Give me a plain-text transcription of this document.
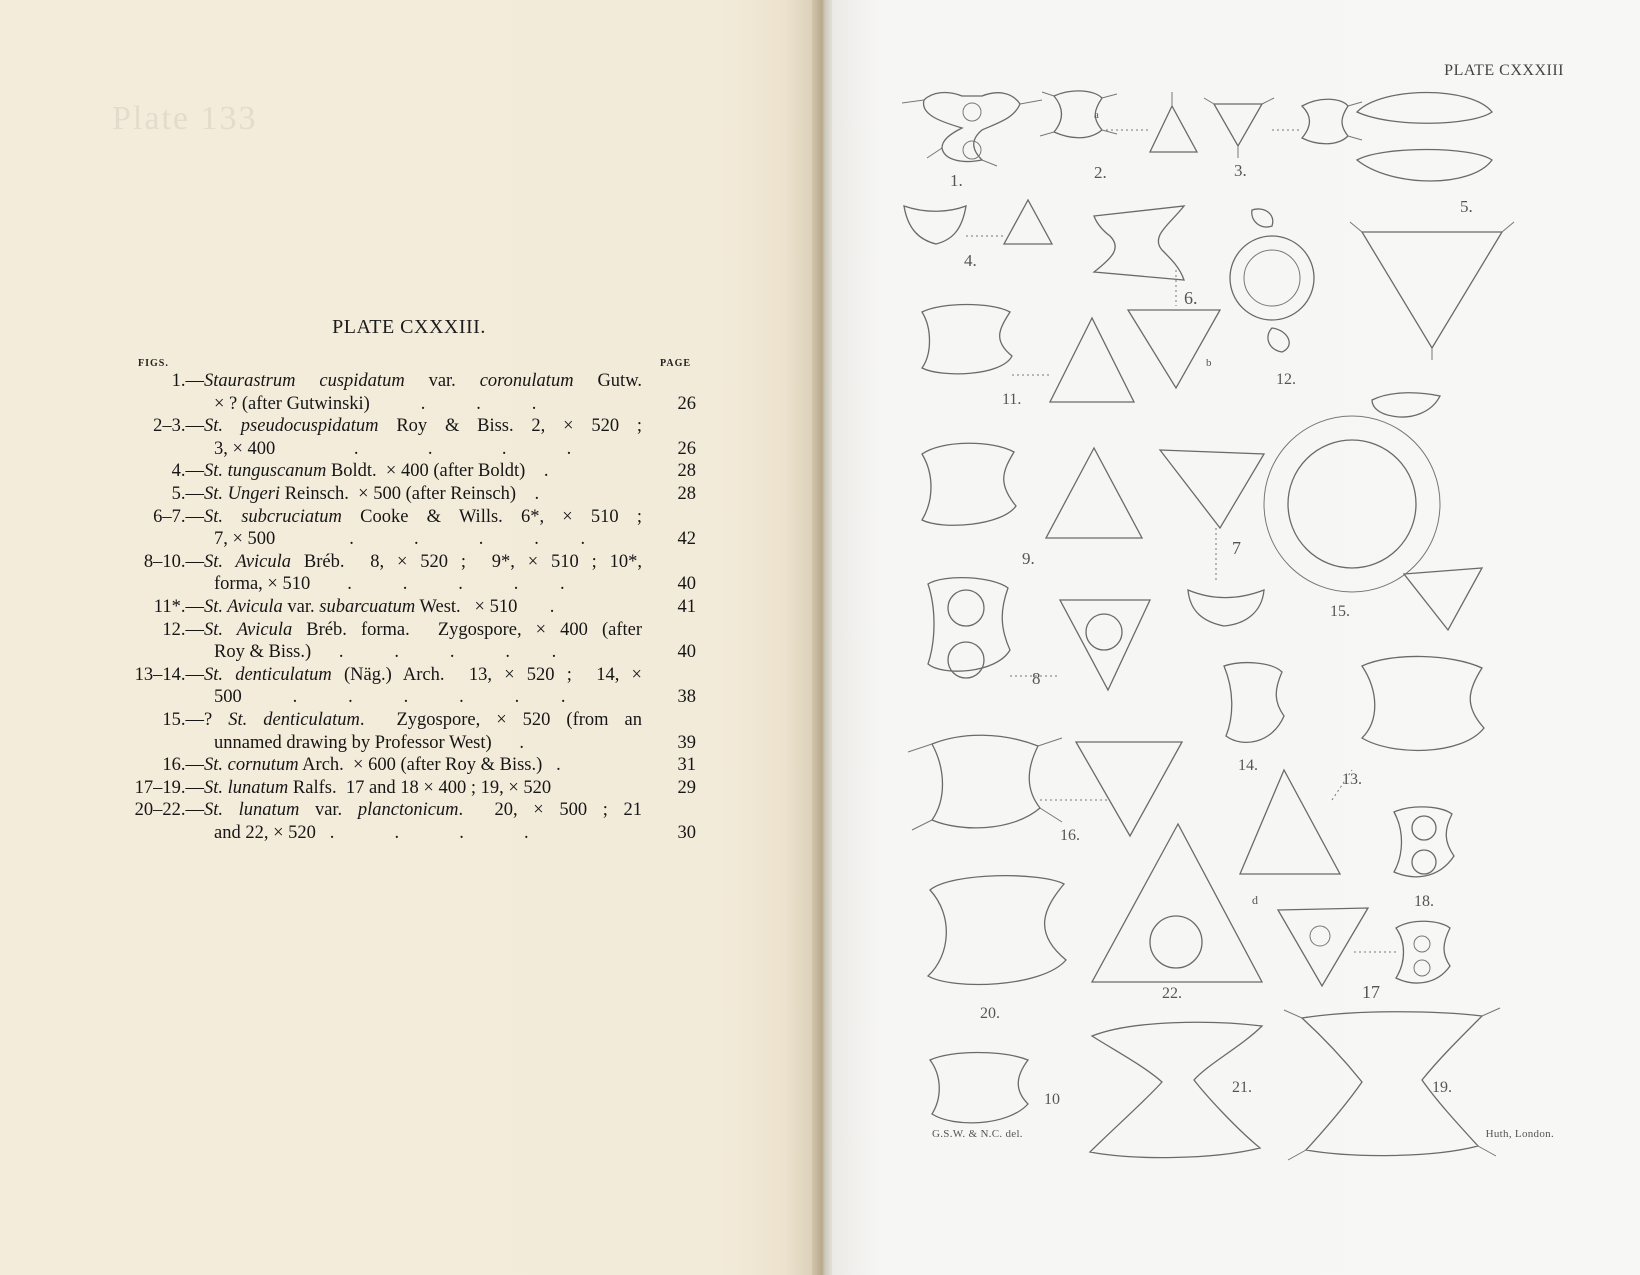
Plate 133
PLATE CXXXIII.
FIGS.	PAGE
1.— Staurastrum cuspidatum var. coronulatum Gutw.
× ? (after Gutwinski)           .           .           .	26
2–3.— St. pseudocuspidatum Roy & Biss. 2, × 520 ;
3, × 400                 .               .               .             .	26
4.— St. tunguscanum Boldt.  × 400 (after Boldt)    .	28
5.— St. Ungeri Reinsch.  × 500 (after Reinsch)    .	28
6–7.— St. subcruciatum Cooke & Wills. 6*, × 510 ;
7, × 500                .             .             .           .         .	42
8–10.— St. Avicula Bréb.  8, × 520 ;  9*, × 510 ; 10*,
forma, × 510        .           .           .           .         .	40
11*.— St. Avicula var. subarcuatum West.   × 510       .	41
12.— St. Avicula Bréb. forma.  Zygospore, × 400 (after
Roy & Biss.)      .           .           .           .         .	40
13–14.— St. denticulatum (Näg.) Arch.  13, × 520 ;  14, ×
500           .           .           .           .           .         .	38
15.— ? St. denticulatum.  Zygospore, × 520 (from an
unnamed drawing by Professor West)      .	39
16.— St. cornutum Arch.  × 600 (after Roy & Biss.)   .	31
17–19.— St. lunatum Ralfs.  17 and 18 × 400 ; 19, × 520	29
20–22.— St. lunatum var. planctonicum.  20, × 500 ; 21
and 22, × 520   .             .             .             .	30
PLATE CXXXIII
G.S.W. & N.C. del.	Huth, London.
1.	2.	3.
4.
5.
6.
7
8
9.
10
11.
12.
13.
14.
15.
16.
17
18.
19.
20.
21.
22.
a
b
d
